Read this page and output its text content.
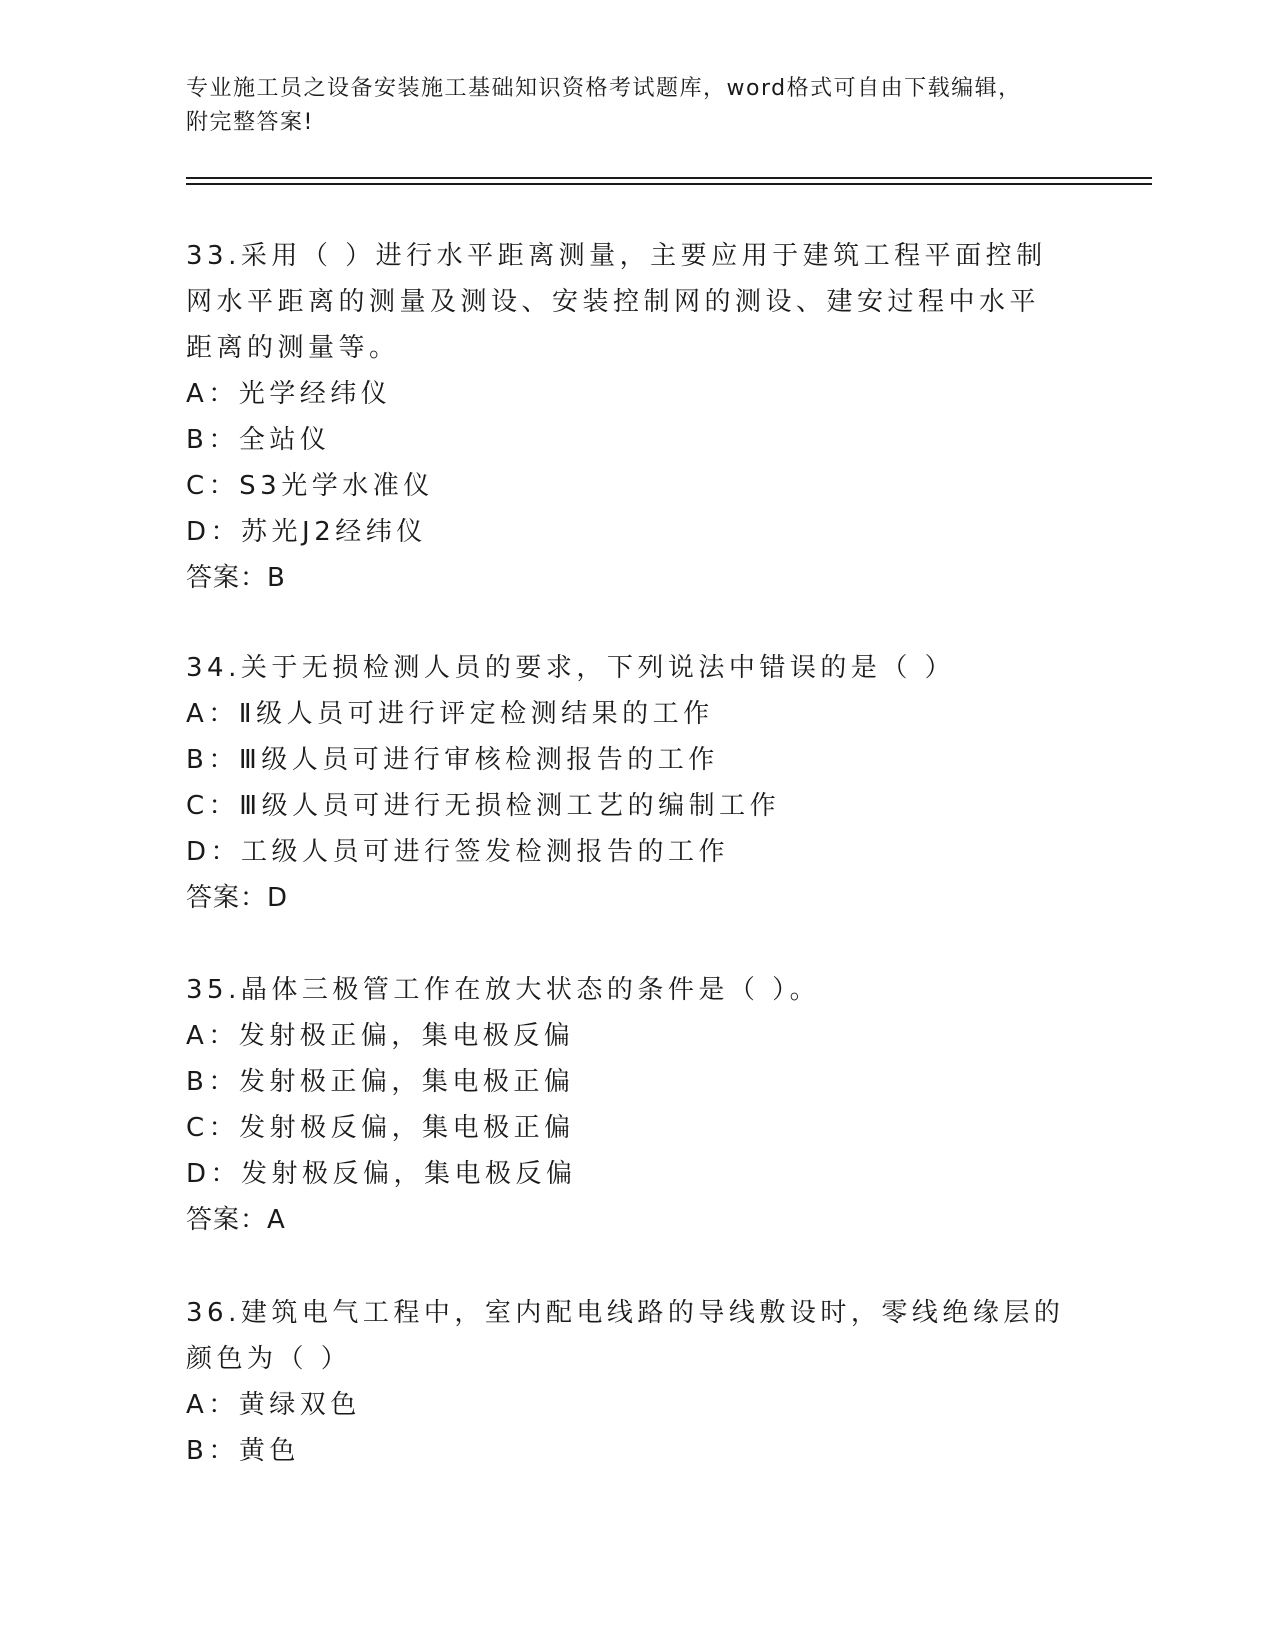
专业施工员之设备安装施工基础知识资格考试题库，word格式可自由下载编辑，
附完整答案!

33.采用（ ）进行水平距离测量，主要应用于建筑工程平面控制网水平距离的测量及测设、安装控制网的测设、建安过程中水平距离的测量等。

A：光学经纬仪

B：全站仪

C：S3光学水准仪

D：苏光J2经纬仪

答案：B

34.关于无损检测人员的要求，下列说法中错误的是（ ）

A：Ⅱ级人员可进行评定检测结果的工作

B：Ⅲ级人员可进行审核检测报告的工作

C：Ⅲ级人员可进行无损检测工艺的编制工作

D：工级人员可进行签发检测报告的工作

答案：D

35.晶体三极管工作在放大状态的条件是（ ）。

A：发射极正偏，集电极反偏

B：发射极正偏，集电极正偏

C：发射极反偏，集电极正偏

D：发射极反偏，集电极反偏

答案：A

36.建筑电气工程中，室内配电线路的导线敷设时，零线绝缘层的颜色为（ ）

A：黄绿双色

B：黄色
